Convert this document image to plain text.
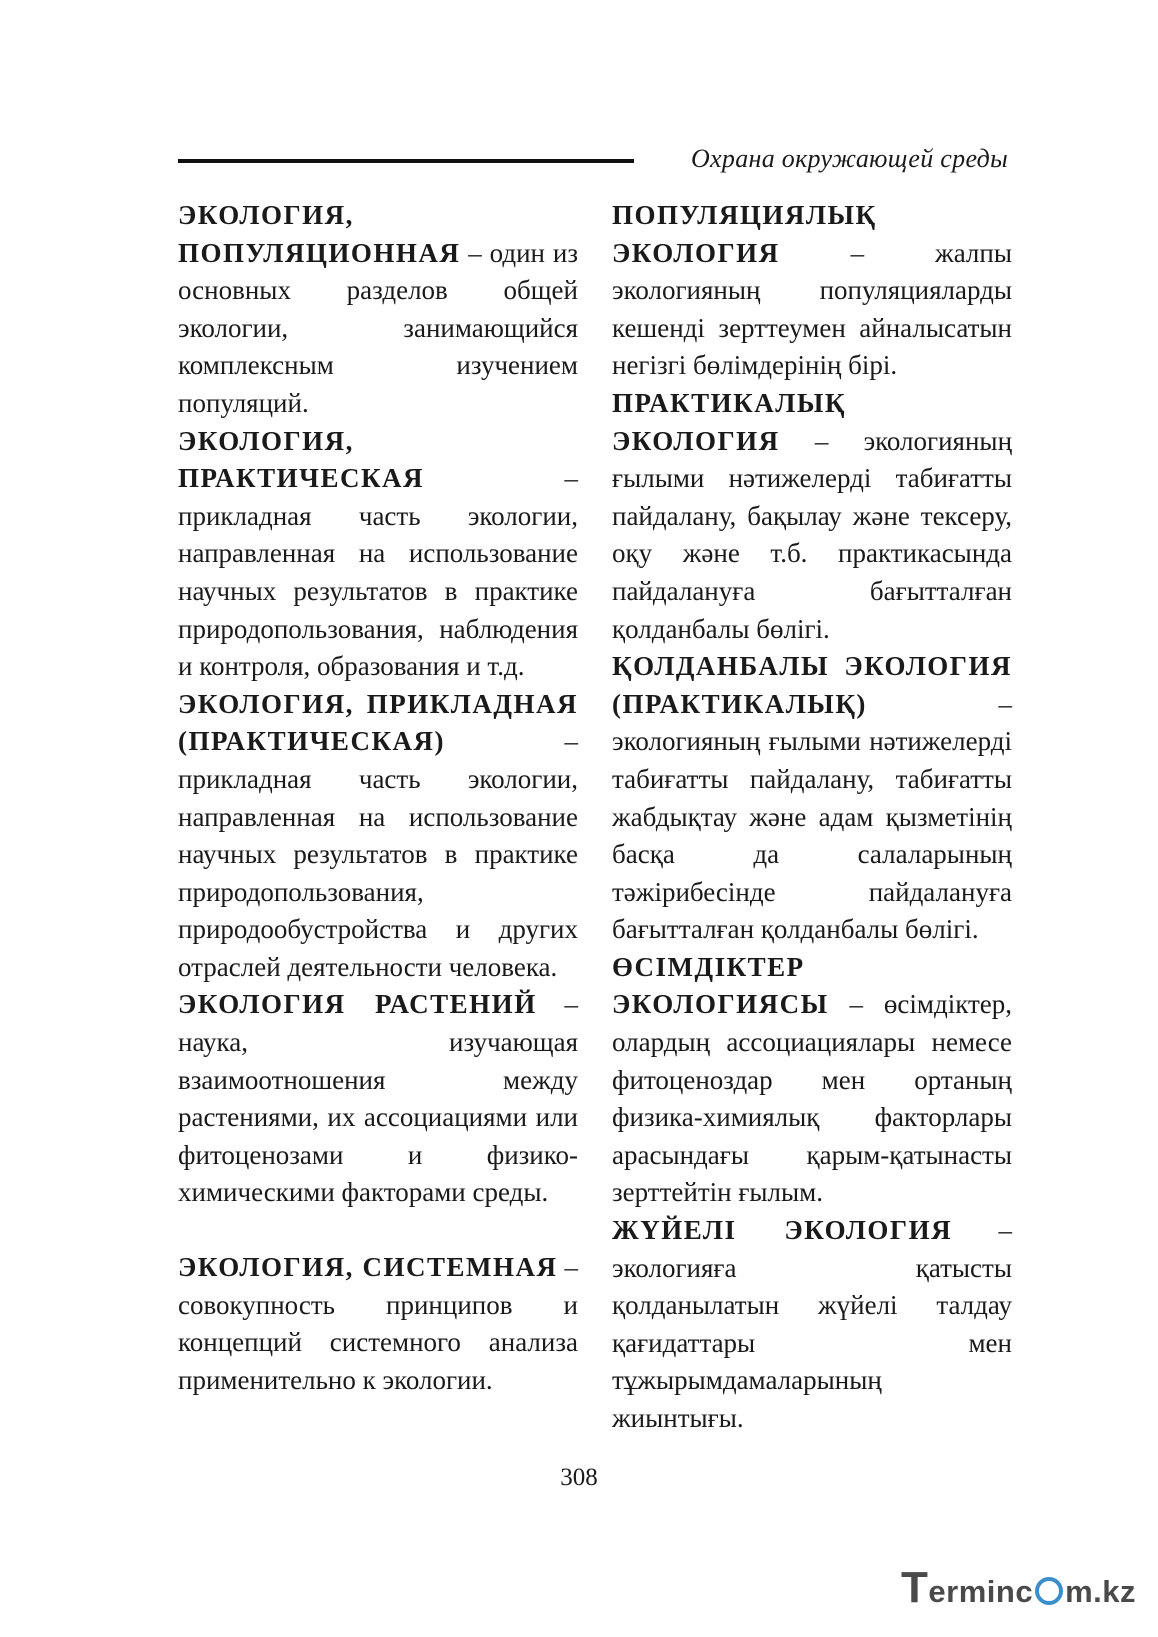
Охрана окружающей среды

ЭКОЛОГИЯ, ПОПУЛЯЦИОННАЯ – один из основных разделов общей экологии, занимающийся комплексным изучением популяций.

ЭКОЛОГИЯ, ПРАКТИЧЕСКАЯ	– прикладная часть экологии, направленная на использование научных результатов в практике природопользования, наблюдения и контроля, образования и т.д.

ЭКОЛОГИЯ, ПРИКЛАДНАЯ (ПРАКТИЧЕСКАЯ)	– прикладная часть экологии, направленная на использование научных результатов в практике природопользования, природообустройства и других отраслей деятельности человека.

ЭКОЛОГИЯ РАСТЕНИЙ – наука, изучающая взаимоотношения между растениями, их ассоциациями или фитоценозами и физико-химическими факторами среды.

ЭКОЛОГИЯ, СИСТЕМНАЯ – совокупность принципов и концепций системного анализа применительно к экологии.

ПОПУЛЯЦИЯЛЫҚ ЭКОЛОГИЯ	–	жалпы экологияның популяцияларды кешенді зерттеумен айналысатын негізгі бөлімдерінің бірі.

ПРАКТИКАЛЫҚ ЭКОЛОГИЯ – экологияның ғылыми нәтижелерді табиғатты пайдалану, бақылау және тексеру, оқу және т.б. практикасында пайдалануға бағытталған қолданбалы бөлігі.

ҚОЛДАНБАЛЫ ЭКОЛОГИЯ (ПРАКТИКАЛЫҚ)	– экологияның ғылыми нәтижелерді табиғатты пайдалану, табиғатты жабдықтау және адам қызметінің басқа да салаларының тәжірибесінде пайдалануға бағытталған қолданбалы бөлігі.

ӨСІМДІКТЕР ЭКОЛОГИЯСЫ – өсімдіктер, олардың ассоциациялары немесе фитоценоздар мен ортаның физика-химиялық факторлары арасындағы қарым-қатынасты зерттейтін ғылым.

ЖҮЙЕЛІ ЭКОЛОГИЯ – экологияға қатысты қолданылатын жүйелі талдау қағидаттары мен тұжырымдамаларының жиынтығы.

308
Terminc m.kz
